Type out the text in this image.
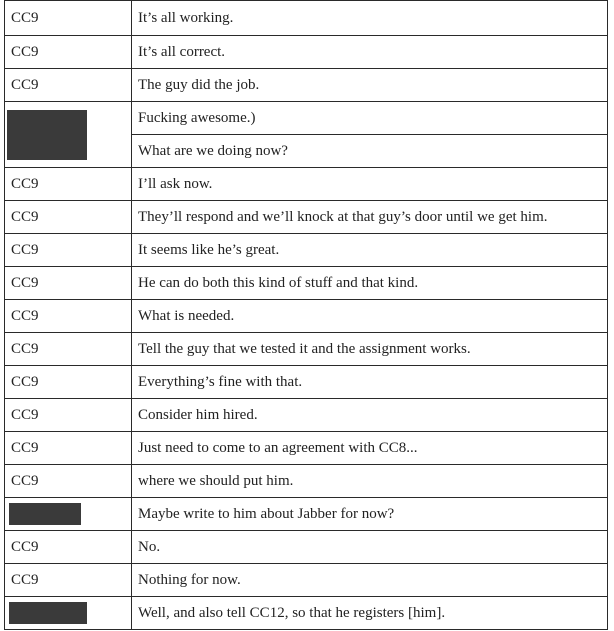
CC9	It’s all working.
CC9	It’s all correct.
CC9	The guy did the job.

	Fucking awesome.)
	What are we doing now?
CC9	I’ll ask now.
CC9	They’ll respond and we’ll knock at that guy’s door until we get him.
CC9	It seems like he’s great.
CC9	He can do both this kind of stuff and that kind.
CC9	What is needed.
CC9	Tell the guy that we tested it and the assignment works.
CC9	Everything’s fine with that.
CC9	Consider him hired.
CC9	Just need to come to an agreement with CC8...
CC9	where we should put him.

	Maybe write to him about Jabber for now?
CC9	No.
CC9	Nothing for now.

	Well, and also tell CC12, so that he registers [him].
